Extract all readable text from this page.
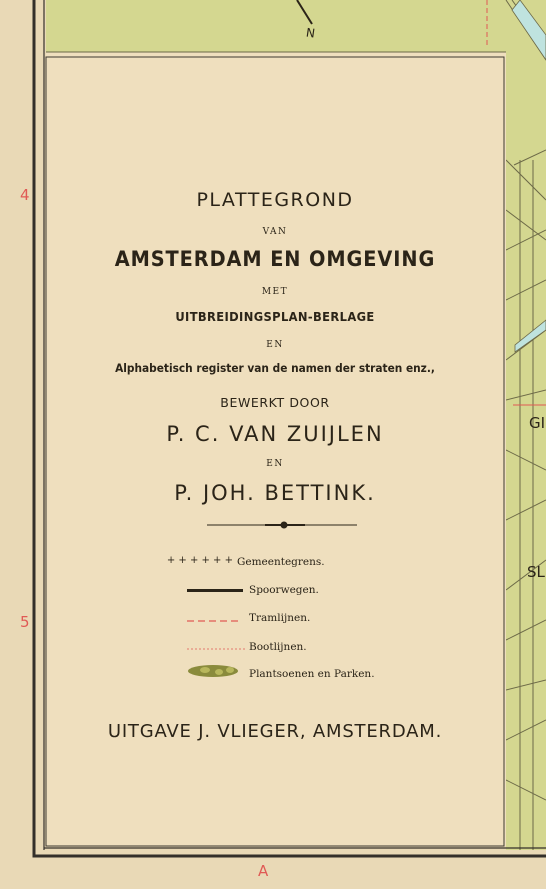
PLATTEGROND
VAN
AMSTERDAM EN OMGEVING
MET
UITBREIDINGSPLAN-BERLAGE
EN
Alphabetisch register van de namen der straten enz.,
BEWERKT DOOR
P. C. VAN ZUIJLEN
EN
P. JOH. BETTINK.
+ + + + + + Gemeentegrens.
Spoorwegen.
Tramlijnen.
Bootlijnen.
Plantsoenen en Parken.
UITGAVE J. VLIEGER, AMSTERDAM.
4
5
A
GI
SL
N
